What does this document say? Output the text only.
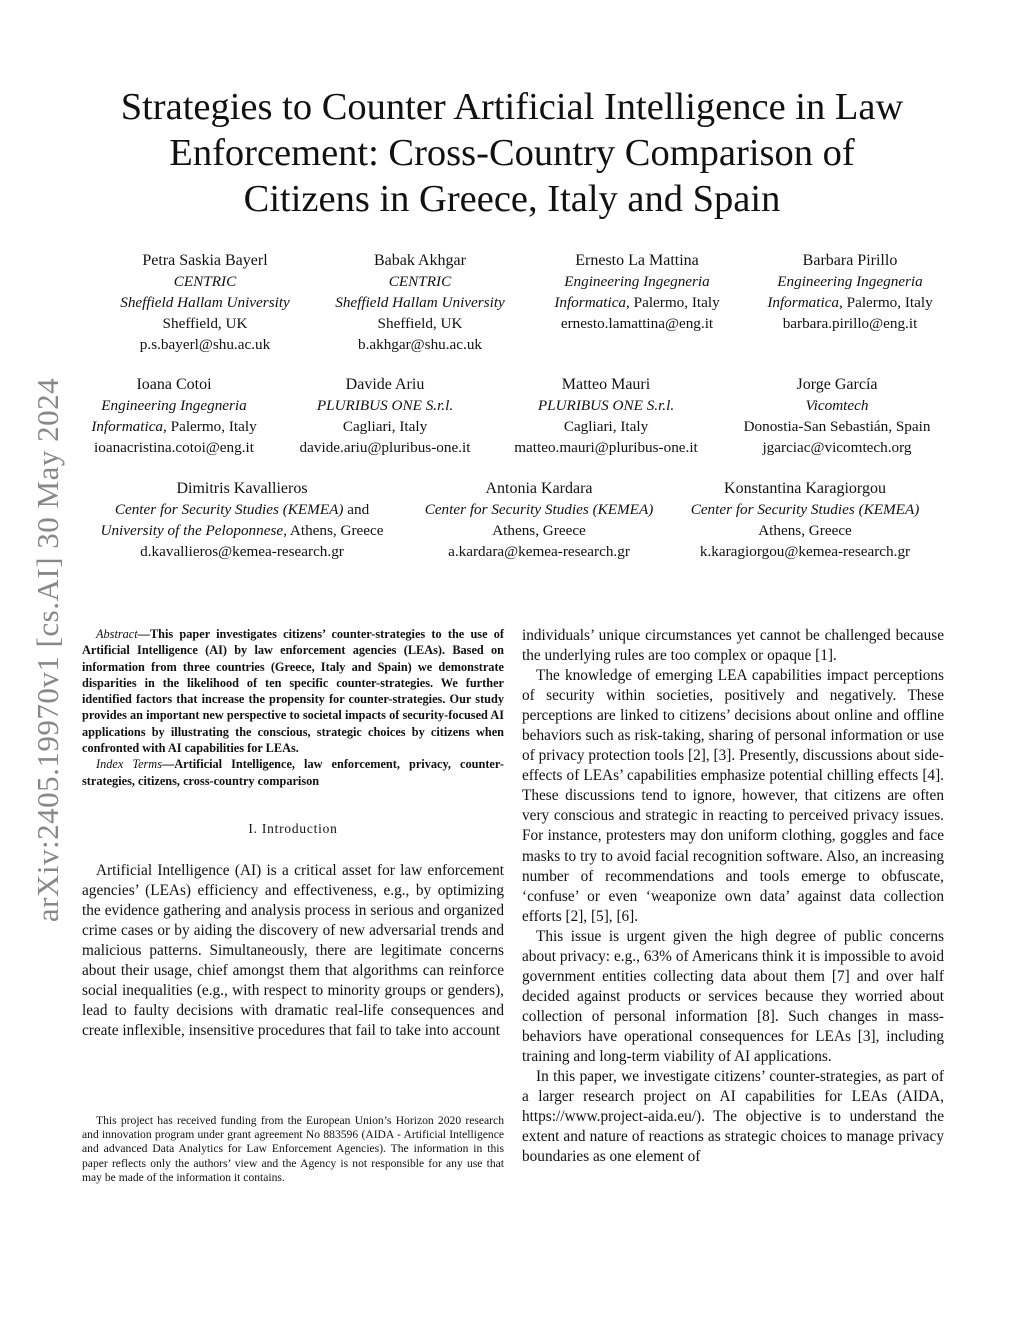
arXiv:2405.19970v1 [cs.AI] 30 May 2024
Strategies to Counter Artificial Intelligence in Law
Enforcement: Cross-Country Comparison of
Citizens in Greece, Italy and Spain
Petra Saskia Bayerl
CENTRIC
Sheffield Hallam University
Sheffield, UK
p.s.bayerl@shu.ac.uk
Babak Akhgar
CENTRIC
Sheffield Hallam University
Sheffield, UK
b.akhgar@shu.ac.uk
Ernesto La Mattina
Engineering Ingegneria
Informatica, Palermo, Italy
ernesto.lamattina@eng.it
Barbara Pirillo
Engineering Ingegneria
Informatica, Palermo, Italy
barbara.pirillo@eng.it
Ioana Cotoi
Engineering Ingegneria
Informatica, Palermo, Italy
ioanacristina.cotoi@eng.it
Davide Ariu
PLURIBUS ONE S.r.l.
Cagliari, Italy
davide.ariu@pluribus-one.it
Matteo Mauri
PLURIBUS ONE S.r.l.
Cagliari, Italy
matteo.mauri@pluribus-one.it
Jorge García
Vicomtech
Donostia-San Sebastián, Spain
jgarciac@vicomtech.org
Dimitris Kavallieros
Center for Security Studies (KEMEA) and
University of the Peloponnese, Athens, Greece
d.kavallieros@kemea-research.gr
Antonia Kardara
Center for Security Studies (KEMEA)
Athens, Greece
a.kardara@kemea-research.gr
Konstantina Karagiorgou
Center for Security Studies (KEMEA)
Athens, Greece
k.karagiorgou@kemea-research.gr

Abstract—This paper investigates citizens’ counter-strategies to the use of Artificial Intelligence (AI) by law enforcement agencies (LEAs). Based on information from three countries (Greece, Italy and Spain) we demonstrate disparities in the likelihood of ten specific counter-strategies. We further identified factors that increase the propensity for counter-strategies. Our study provides an important new perspective to societal impacts of security-focused AI applications by illustrating the conscious, strategic choices by citizens when confronted with AI capabilities for LEAs.

Index Terms—Artificial Intelligence, law enforcement, privacy, counter-strategies, citizens, cross-country comparison

I. Introduction

Artificial Intelligence (AI) is a critical asset for law enforcement agencies’ (LEAs) efficiency and effectiveness, e.g., by optimizing the evidence gathering and analysis process in serious and organized crime cases or by aiding the discovery of new adversarial trends and malicious patterns. Simultaneously, there are legitimate concerns about their usage, chief amongst them that algorithms can reinforce social inequalities (e.g., with respect to minority groups or genders), lead to faulty decisions with dramatic real-life consequences and create inflexible, insensitive procedures that fail to take into account

This project has received funding from the European Union’s Horizon 2020 research and innovation program under grant agreement No 883596 (AIDA - Artificial Intelligence and advanced Data Analytics for Law Enforcement Agencies). The information in this paper reflects only the authors’ view and the Agency is not responsible for any use that may be made of the information it contains.

individuals’ unique circumstances yet cannot be challenged because the underlying rules are too complex or opaque [1].

The knowledge of emerging LEA capabilities impact perceptions of security within societies, positively and negatively. These perceptions are linked to citizens’ decisions about online and offline behaviors such as risk-taking, sharing of personal information or use of privacy protection tools [2], [3]. Presently, discussions about side-effects of LEAs’ capabilities emphasize potential chilling effects [4]. These discussions tend to ignore, however, that citizens are often very conscious and strategic in reacting to perceived privacy issues. For instance, protesters may don uniform clothing, goggles and face masks to try to avoid facial recognition software. Also, an increasing number of recommendations and tools emerge to obfuscate, ‘confuse’ or even ‘weaponize own data’ against data collection efforts [2], [5], [6].

This issue is urgent given the high degree of public concerns about privacy: e.g., 63% of Americans think it is impossible to avoid government entities collecting data about them [7] and over half decided against products or services because they worried about collection of personal information [8]. Such changes in mass-behaviors have operational consequences for LEAs [3], including training and long-term viability of AI applications.

In this paper, we investigate citizens’ counter-strategies, as part of a larger research project on AI capabilities for LEAs (AIDA, https://www.project-aida.eu/). The objective is to understand the extent and nature of reactions as strategic choices to manage privacy boundaries as one element of
